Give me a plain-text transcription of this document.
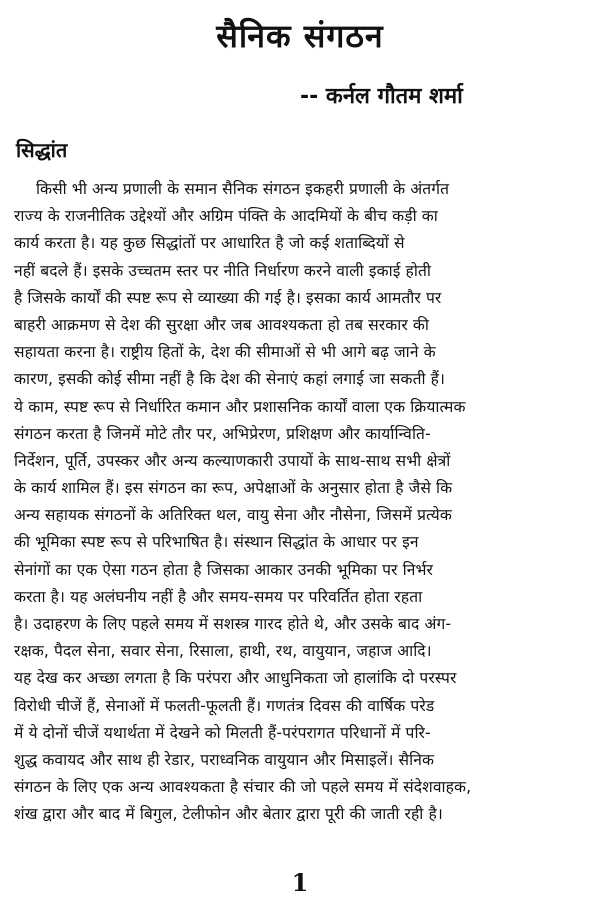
सैनिक संगठन

-- कर्नल गौतम शर्मा

सिद्धांत
किसी भी अन्य प्रणाली के समान सैनिक संगठन इकहरी प्रणाली के अंतर्गत
राज्य के राजनीतिक उद्देश्यों और अग्रिम पंक्ति के आदमियों के बीच कड़ी का
कार्य करता है। यह कुछ सिद्धांतों पर आधारित है जो कई शताब्दियों से
नहीं बदले हैं। इसके उच्चतम स्तर पर नीति निर्धारण करने वाली इकाई होती
है जिसके कार्यों की स्पष्ट रूप से व्याख्या की गई है। इसका कार्य आमतौर पर
बाहरी आक्रमण से देश की सुरक्षा और जब आवश्यकता हो तब सरकार की
सहायता करना है। राष्ट्रीय हितों के, देश की सीमाओं से भी आगे बढ़ जाने के
कारण, इसकी कोई सीमा नहीं है कि देश की सेनाएं कहां लगाई जा सकती हैं।
ये काम, स्पष्ट रूप से निर्धारित कमान और प्रशासनिक कार्यों वाला एक क्रियात्मक
संगठन करता है जिनमें मोटे तौर पर, अभिप्रेरण, प्रशिक्षण और कार्यान्विति-
निर्देशन, पूर्ति, उपस्कर और अन्य कल्याणकारी उपायों के साथ-साथ सभी क्षेत्रों
के कार्य शामिल हैं। इस संगठन का रूप, अपेक्षाओं के अनुसार होता है जैसे कि
अन्य सहायक संगठनों के अतिरिक्त थल, वायु सेना और नौसेना, जिसमें प्रत्येक
की भूमिका स्पष्ट रूप से परिभाषित है। संस्थान सिद्धांत के आधार पर इन
सेनांगों का एक ऐसा गठन होता है जिसका आकार उनकी भूमिका पर निर्भर
करता है। यह अलंघनीय नहीं है और समय-समय पर परिवर्तित होता रहता
है। उदाहरण के लिए पहले समय में सशस्त्र गारद होते थे, और उसके बाद अंग-
रक्षक, पैदल सेना, सवार सेना, रिसाला, हाथी, रथ, वायुयान, जहाज आदि।
यह देख कर अच्छा लगता है कि परंपरा और आधुनिकता जो हालांकि दो परस्पर
विरोधी चीजें हैं, सेनाओं में फलती-फूलती हैं। गणतंत्र दिवस की वार्षिक परेड
में ये दोनों चीजें यथार्थता में देखने को मिलती हैं-परंपरागत परिधानों में परि-
शुद्ध कवायद और साथ ही रेडार, पराध्वनिक वायुयान और मिसाइलें। सैनिक
संगठन के लिए एक अन्य आवश्यकता है संचार की जो पहले समय में संदेशवाहक,
शंख द्वारा और बाद में बिगुल, टेलीफोन और बेतार द्वारा पूरी की जाती रही है।

1
